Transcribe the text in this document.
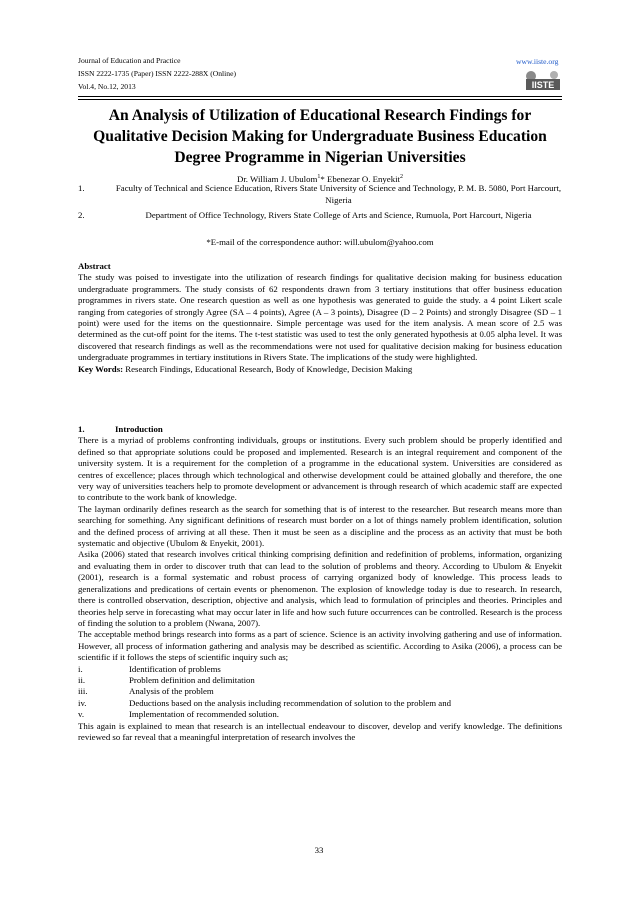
Journal of Education and Practice
ISSN 2222-1735 (Paper) ISSN 2222-288X (Online)
Vol.4, No.12, 2013
www.iiste.org
IISTE
An Analysis of Utilization of Educational Research Findings for Qualitative Decision Making for Undergraduate Business Education Degree Programme in Nigerian Universities
Dr. William J. Ubulom$^1$* Ebenezar O. Enyekit$^2$
1.	Faculty of Technical and Science Education, Rivers State University of Science and Technology, P. M. B. 5080, Port Harcourt, Nigeria
2.	Department of Office Technology, Rivers State College of Arts and Science, Rumuola, Port Harcourt, Nigeria
*E-mail of the correspondence author: will.ubulom@yahoo.com

Abstract

The study was poised to investigate into the utilization of research findings for qualitative decision making for business education undergraduate programmers. The study consists of 62 respondents drawn from 3 tertiary institutions that offer business education programmes in rivers state. One research question as well as one hypothesis was generated to guide the study. a 4 point Likert scale ranging from categories of strongly Agree (SA – 4 points), Agree (A – 3 points), Disagree (D – 2 Points) and strongly Disagree (SD – 1 point) were used for the items on the questionnaire. Simple percentage was used for the item analysis. A mean score of 2.5 was determined as the cut-off point for the items. The t-test statistic was used to test the only generated hypothesis at 0.05 alpha level. It was discovered that research findings as well as the recommendations were not used for qualitative decision making for business education undergraduate programmes in tertiary institutions in Rivers State. The implications of the study were highlighted.

Key Words: Research Findings, Educational Research, Body of Knowledge, Decision Making

1.	Introduction

There is a myriad of problems confronting individuals, groups or institutions. Every such problem should be properly identified and defined so that appropriate solutions could be proposed and implemented. Research is an integral requirement and component of the university system. It is a requirement for the completion of a programme in the educational system. Universities are considered as centres of excellence; places through which technological and otherwise development could be attained globally and therefore, the one very way of universities teachers help to promote development or advancement is through research of which academic staff are expected to contribute to the work bank of knowledge.

The layman ordinarily defines research as the search for something that is of interest to the researcher. But research means more than searching for something. Any significant definitions of research must border on a lot of things namely problem identification, solution and the defined process of arriving at all these. Then it must be seen as a discipline and the process as an activity that must be both systematic and objective (Ubulom & Enyekit, 2001).

Asika (2006) stated that research involves critical thinking comprising definition and redefinition of problems, information, organizing and evaluating them in order to discover truth that can lead to the solution of problems and theory. According to Ubulom & Enyekit (2001), research is a formal systematic and robust process of carrying organized body of knowledge. This process leads to generalizations and predications of certain events or phenomenon. The explosion of knowledge today is due to research. In research, there is controlled observation, description, objective and analysis, which lead to formulation of principles and theories. Principles and theories help serve in forecasting what may occur later in life and how such future occurrences can be controlled. Research is the process of finding the solution to a problem (Nwana, 2007).

The acceptable method brings research into forms as a part of science. Science is an activity involving gathering and use of information. However, all process of information gathering and analysis may be described as scientific. According to Asika (2006), a process can be scientific if it follows the steps of scientific inquiry such as;

i.	Identification of problems
ii.	Problem definition and delimitation
iii.	Analysis of the problem
iv.	Deductions based on the analysis including recommendation of solution to the problem and
v.	Implementation of recommended solution.

This again is explained to mean that research is an intellectual endeavour to discover, develop and verify knowledge. The definitions reviewed so far reveal that a meaningful interpretation of research involves the

33
